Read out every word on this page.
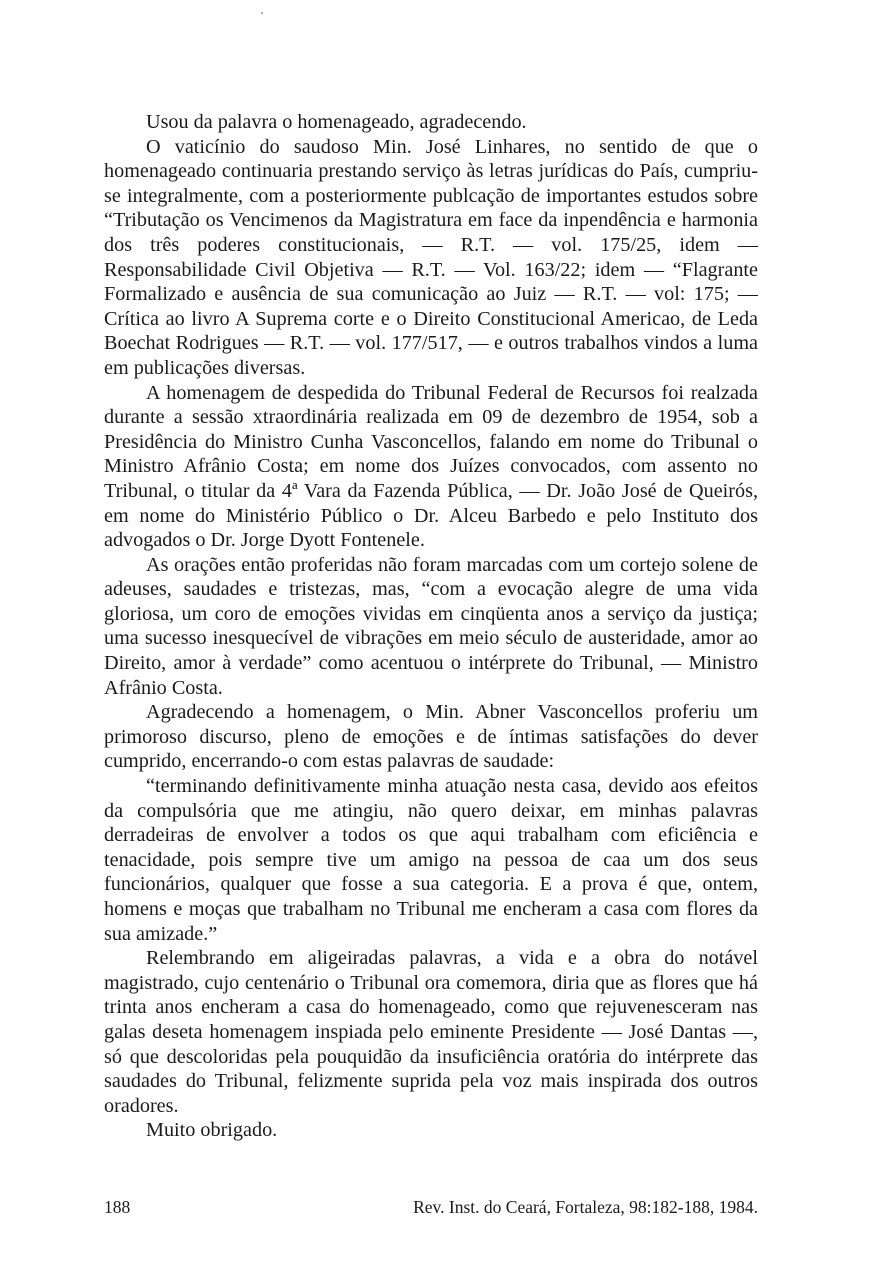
Usou da palavra o homenageado, agradecendo.

O vaticínio do saudoso Min. José Linhares, no sentido de que o homenageado continuaria prestando serviço às letras jurídicas do País, cumpriu-se integralmente, com a posteriormente publcação de importantes estudos sobre “Tributação os Vencimenos da Magistratura em face da inpendência e harmonia dos três poderes constitucionais, — R.T. — vol. 175/25, idem — Responsabilidade Civil Objetiva — R.T. — Vol. 163/22; idem — “Flagrante Formalizado e ausência de sua comunicação ao Juiz — R.T. — vol: 175; — Crítica ao livro A Suprema corte e o Direito Constitucional Americao, de Leda Boechat Rodrigues — R.T. — vol. 177/517, — e outros trabalhos vindos a luma em publicações diversas.

A homenagem de despedida do Tribunal Federal de Recursos foi realzada durante a sessão xtraordinária realizada em 09 de dezembro de 1954, sob a Presidência do Ministro Cunha Vasconcellos, falando em nome do Tribunal o Ministro Afrânio Costa; em nome dos Juízes convocados, com assento no Tribunal, o titular da 4ª Vara da Fazenda Pública, — Dr. João José de Queirós, em nome do Ministério Público o Dr. Alceu Barbedo e pelo Instituto dos advogados o Dr. Jorge Dyott Fontenele.

As orações então proferidas não foram marcadas com um cortejo solene de adeuses, saudades e tristezas, mas, “com a evocação alegre de uma vida gloriosa, um coro de emoções vividas em cinqüenta anos a serviço da justiça; uma sucesso inesquecível de vibrações em meio século de austeridade, amor ao Direito, amor à verdade” como acentuou o intérprete do Tribunal, — Ministro Afrânio Costa.

Agradecendo a homenagem, o Min. Abner Vasconcellos proferiu um primoroso discurso, pleno de emoções e de íntimas satisfações do dever cumprido, encerrando-o com estas palavras de saudade:

“terminando definitivamente minha atuação nesta casa, devido aos efeitos da compulsória que me atingiu, não quero deixar, em minhas palavras derradeiras de envolver a todos os que aqui trabalham com eficiência e tenacidade, pois sempre tive um amigo na pessoa de caa um dos seus funcionários, qualquer que fosse a sua categoria. E a prova é que, ontem, homens e moças que trabalham no Tribunal me encheram a casa com flores da sua amizade.”

Relembrando em aligeiradas palavras, a vida e a obra do notável magistrado, cujo centenário o Tribunal ora comemora, diria que as flores que há trinta anos encheram a casa do homenageado, como que rejuvenesceram nas galas deseta homenagem inspiada pelo eminente Presidente — José Dantas —, só que descoloridas pela pouquidão da insuficiência oratória do intérprete das saudades do Tribunal, felizmente suprida pela voz mais inspirada dos outros oradores.

Muito obrigado.

188	Rev. Inst. do Ceará, Fortaleza, 98:182-188, 1984.
